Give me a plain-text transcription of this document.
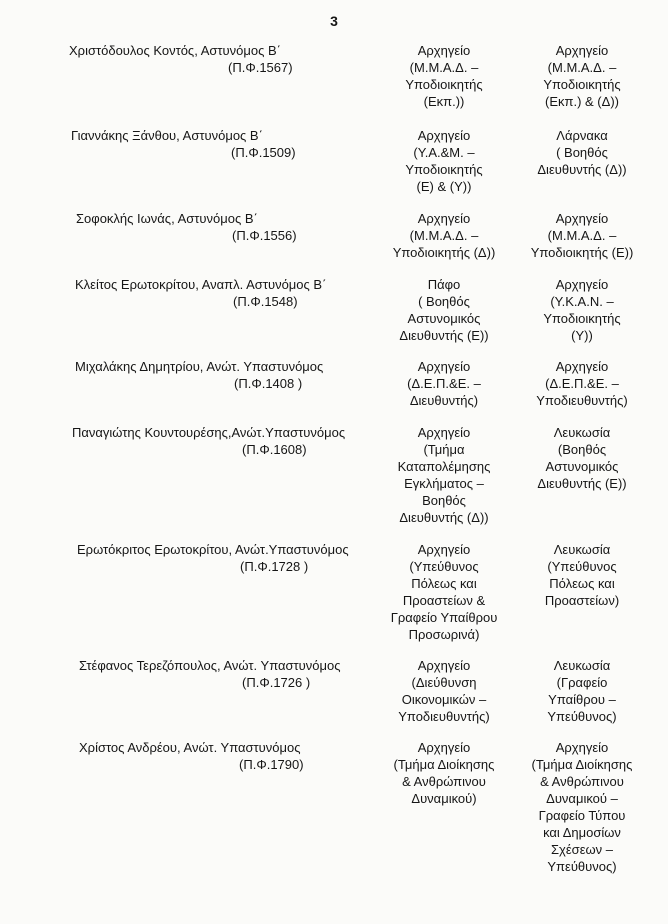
3
Χριστόδουλος Κοντός, Αστυνόμος Β΄
(Π.Φ.1567)
Αρχηγείο
(Μ.Μ.Α.Δ. –
Υποδιοικητής
(Εκπ.))
Αρχηγείο
(Μ.Μ.Α.Δ. –
Υποδιοικητής
(Εκπ.) & (Δ))
Γιαννάκης Ξάνθου, Αστυνόμος Β΄
(Π.Φ.1509)
Αρχηγείο
(Υ.Α.&Μ. –
Υποδιοικητής
(Ε) & (Υ))
Λάρνακα
( Βοηθός
Διευθυντής (Δ))
Σοφοκλής Ιωνάς, Αστυνόμος Β΄
(Π.Φ.1556)
Αρχηγείο
(Μ.Μ.Α.Δ. –
Υποδιοικητής (Δ))
Αρχηγείο
(Μ.Μ.Α.Δ. –
Υποδιοικητής (Ε))
Κλείτος Ερωτοκρίτου, Αναπλ. Αστυνόμος Β΄
(Π.Φ.1548)
Πάφο
( Βοηθός
Αστυνομικός
Διευθυντής (Ε))
Αρχηγείο
(Υ.Κ.Α.Ν. –
Υποδιοικητής
(Υ))
Μιχαλάκης Δημητρίου, Ανώτ. Υπαστυνόμος
(Π.Φ.1408 )
Αρχηγείο
(Δ.Ε.Π.&Ε. –
Διευθυντής)
Αρχηγείο
(Δ.Ε.Π.&Ε. –
Υποδιευθυντής)
Παναγιώτης Κουντουρέσης,Ανώτ.Υπαστυνόμος
(Π.Φ.1608)
Αρχηγείο
(Τμήμα
Καταπολέμησης
Εγκλήματος –
Βοηθός
Διευθυντής (Δ))
Λευκωσία
(Βοηθός
Αστυνομικός
Διευθυντής (Ε))
Ερωτόκριτος Ερωτοκρίτου, Ανώτ.Υπαστυνόμος
(Π.Φ.1728 )
Αρχηγείο
(Υπεύθυνος
Πόλεως και
Προαστείων &
Γραφείο Υπαίθρου
Προσωρινά)
Λευκωσία
(Υπεύθυνος
Πόλεως και
Προαστείων)
Στέφανος Τερεζόπουλος, Ανώτ. Υπαστυνόμος
(Π.Φ.1726 )
Αρχηγείο
(Διεύθυνση
Οικονομικών –
Υποδιευθυντής)
Λευκωσία
(Γραφείο
Υπαίθρου –
Υπεύθυνος)
Χρίστος Ανδρέου, Ανώτ. Υπαστυνόμος
(Π.Φ.1790)
Αρχηγείο
(Τμήμα Διοίκησης
& Ανθρώπινου
Δυναμικού)
Αρχηγείο
(Τμήμα Διοίκησης
& Ανθρώπινου
Δυναμικού –
Γραφείο Τύπου
και Δημοσίων
Σχέσεων –
Υπεύθυνος)
